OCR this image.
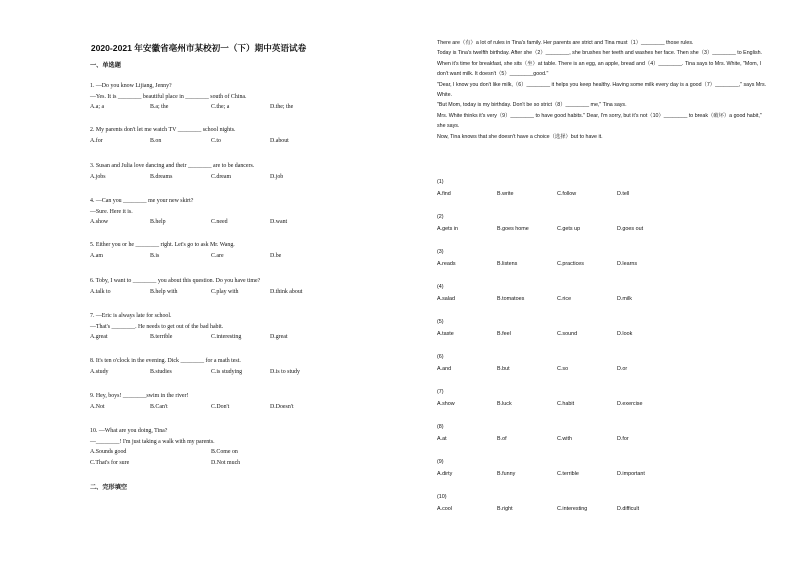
2020-2021 年安徽省亳州市某校初一（下）期中英语试卷
一、单选题
1. —Do you know Lijiang, Jenny?
—Yes. It is ________ beautiful place in ________ south of China.
A.a; a	B.a; the	C.the; a	D.the; the
2. My parents don't let me watch TV ________ school nights.
A.for	B.on	C.to	D.about
3. Susan and Julia love dancing and their ________ are to be dancers.
A.jobs	B.dreams	C.dream	D.job
4. —Can you ________ me your new skirt?
—Sure. Here it is.
A.show	B.help	C.need	D.want
5. Either you or he ________ right. Let's go to ask Mr. Wang.
A.am	B.is	C.are	D.be
6. Toby, I want to ________ you about this question. Do you have time?
A.talk to	B.help with	C.play with	D.think about
7. —Eric is always late for school.
—That's ________. He needs to get out of the bad habit.
A.great	B.terrible	C.interesting	D.great
8. It's ten o'clock in the evening. Dick ________ for a math test.
A.study	B.studies	C.is studying	D.is to study
9. Hey, boys! ________swim in the river!
A.Not	B.Can't	C.Don't	D.Doesn't
10. —What are you doing, Tina?
—________! I'm just taking a walk with my parents.
A.Sounds good	B.Come on
C.That's for sure	D.Not much
二、完形填空

There are（有）a lot of rules in Tina's family. Her parents are strict and Tina must（1）________ those rules.

Today is Tina's twelfth birthday. After she（2）________, she brushes her teeth and washes her face. Then she（3）________ to English. When it's time for breakfast, she sits（坐）at table. There is an egg, an apple, bread and（4）________. Tina says to Mrs. White, "Mom, I don't want milk. It doesn't（5）________good."

"Dear, I know you don't like milk,（6）________ it helps you keep healthy. Having some milk every day is a good（7）________," says Mrs. White.

"But Mom, today is my birthday. Don't be so strict（8）________ me," Tina says.

Mrs. White thinks it's very（9）________ to have good habits." Dear, I'm sorry, but it's not（10）________ to break（破坏）a good habit," she says.

Now, Tina knows that she doesn't have a choice（选择）but to have it.

(1)
A.find	B.write	C.follow	D.tell
(2)
A.gets in	B.goes home	C.gets up	D.goes out
(3)
A.reads	B.listens	C.practices	D.learns
(4)
A.salad	B.tomatoes	C.rice	D.milk
(5)
A.taste	B.feel	C.sound	D.look
(6)
A.and	B.but	C.so	D.or
(7)
A.show	B.luck	C.habit	D.exercise
(8)
A.at	B.of	C.with	D.for
(9)
A.dirty	B.funny	C.terrible	D.important
(10)
A.cool	B.right	C.interesting	D.difficult
